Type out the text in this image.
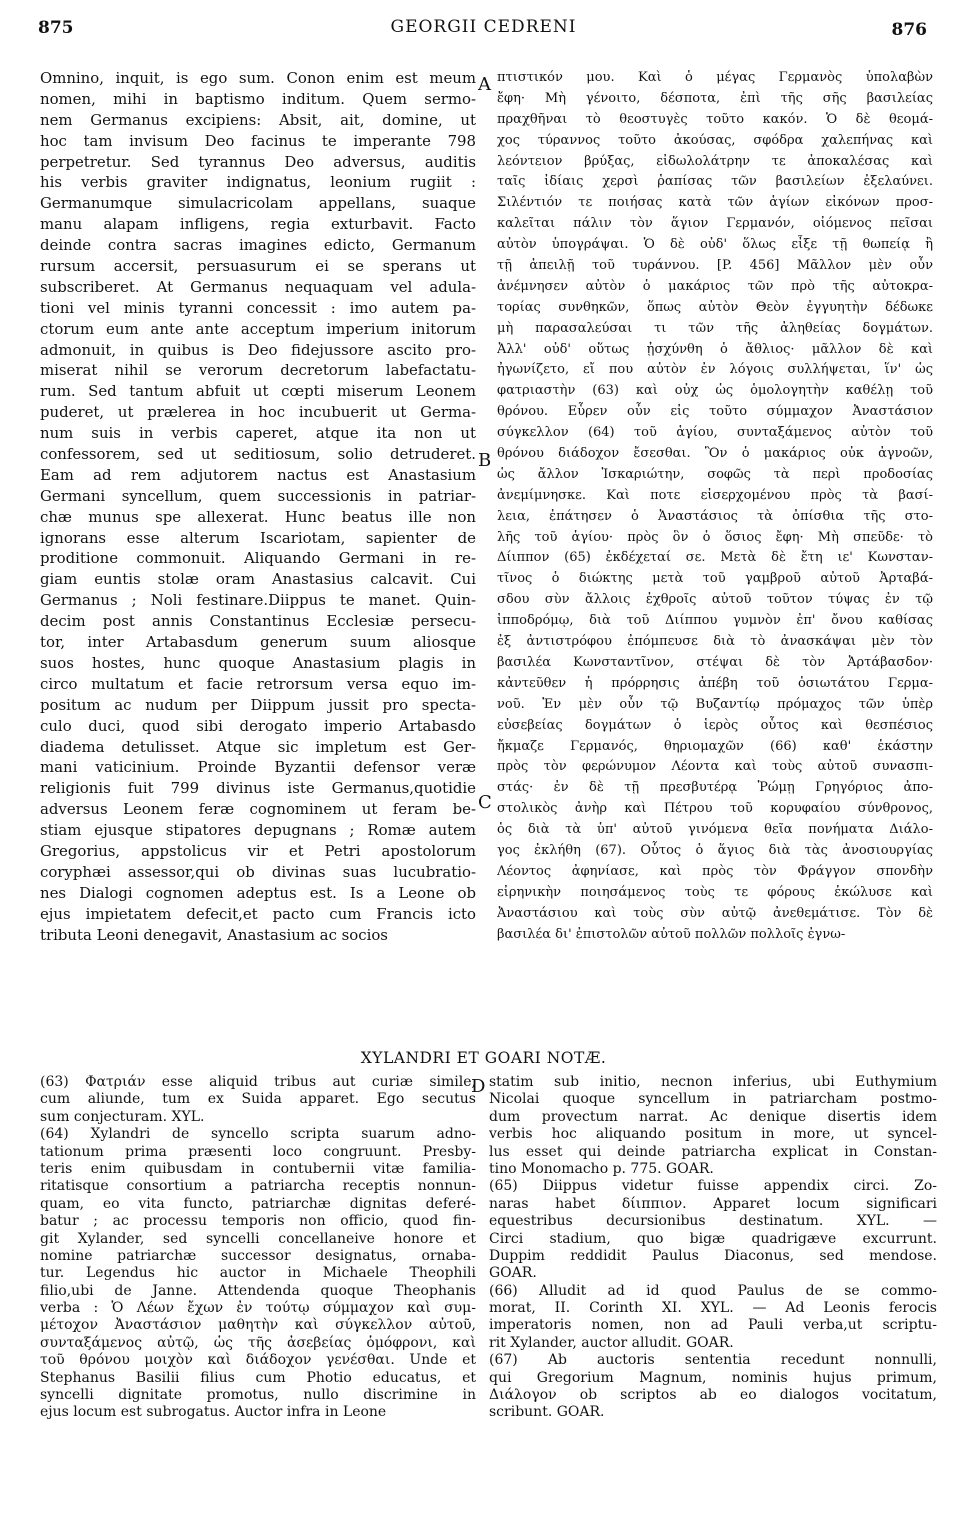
875	GEORGII CEDRENI	876
Omnino, inquit, is ego sum. Conon enim est meum
nomen, mihi in baptismo inditum. Quem sermo-
nem Germanus excipiens: Absit, ait, domine, ut
hoc tam invisum Deo facinus te imperante 798
perpetretur. Sed tyrannus Deo adversus, auditis
his verbis graviter indignatus, leonium rugiit :
Germanumque simulacricolam appellans, suaque
manu alapam infligens, regia exturbavit. Facto
deinde contra sacras imagines edicto, Germanum
rursum accersit, persuasurum ei se sperans ut
subscriberet. At Germanus nequaquam vel adula-
tioni vel minis tyranni concessit : imo autem pa-
ctorum eum ante ante acceptum imperium initorum
admonuit, in quibus is Deo fidejussore ascito pro-
miserat nihil se verorum decretorum labefactatu-
rum. Sed tantum abfuit ut cœpti miserum Leonem
puderet, ut prælerea in hoc incubuerit ut Germa-
num suis in verbis caperet, atque ita non ut
confessorem, sed ut seditiosum, solio detruderet.
Eam ad rem adjutorem nactus est Anastasium
Germani syncellum, quem successionis in patriar-
chæ munus spe allexerat. Hunc beatus ille non
ignorans esse alterum Iscariotam, sapienter de
proditione commonuit. Aliquando Germani in re-
giam euntis stolæ oram Anastasius calcavit. Cui
Germanus ; Noli festinare.Diippus te manet. Quin-
decim post annis Constantinus Ecclesiæ persecu-
tor, inter Artabasdum generum suum aliosque
suos hostes, hunc quoque Anastasium plagis in
circo multatum et facie retrorsum versa equo im-
positum ac nudum per Diippum jussit pro specta-
culo duci, quod sibi derogato imperio Artabasdo
diadema detulisset. Atque sic impletum est Ger-
mani vaticinium. Proinde Byzantii defensor veræ
religionis fuit 799 divinus iste Germanus,quotidie
adversus Leonem feræ cognominem ut feram be-
stiam ejusque stipatores depugnans ; Romæ autem
Gregorius, appstolicus vir et Petri apostolorum
coryphæi assessor,qui ob divinas suas lucubratio-
nes Dialogi cognomen adeptus est. Is a Leone ob
ejus impietatem defecit,et pacto cum Francis icto
tributa Leoni denegavit, Anastasium ac socios
πτιστικόν μου. Καὶ ὁ μέγας Γερμανὸς ὑπολαβὼν
ἔφη· Μὴ γένοιτο, δέσποτα, ἐπὶ τῆς σῆς βασιλείας
πραχθῆναι τὸ θεοστυγὲς τοῦτο κακόν. Ὁ δὲ θεομά-
χος τύραννος τοῦτο ἀκούσας, σφόδρα χαλεπήνας καὶ
λεόντειον βρύξας, εἰδωλολάτρην τε ἀποκαλέσας καὶ
ταῖς ἰδίαις χερσὶ ῥαπίσας τῶν βασιλείων ἐξελαύνει.
Σιλέντιόν τε ποιήσας κατὰ τῶν ἁγίων εἰκόνων προσ-
καλεῖται πάλιν τὸν ἅγιον Γερμανόν, οἰόμενος πεῖσαι
αὐτὸν ὑπογράψαι. Ὁ δὲ οὐδ' ὅλως εἶξε τῇ θωπείᾳ ἢ
τῇ ἀπειλῇ τοῦ τυράννου. [P. 456] Μᾶλλον μὲν οὖν
ἀνέμνησεν αὐτὸν ὁ μακάριος τῶν πρὸ τῆς αὐτοκρα-
τορίας συνθηκῶν, ὅπως αὐτὸν Θεὸν ἐγγυητὴν δέδωκε
μὴ παρασαλεύσαι τι τῶν τῆς ἀληθείας δογμάτων.
Ἀλλ' οὐδ' οὕτως ᾐσχύνθη ὁ ἄθλιος· μᾶλλον δὲ καὶ
ἠγωνίζετο, εἴ που αὐτὸν ἐν λόγοις συλλήψεται, ἵν' ὡς
φατριαστὴν (63) καὶ οὐχ ὡς ὁμολογητὴν καθέλῃ τοῦ
θρόνου. Εὗρεν οὖν εἰς τοῦτο σύμμαχον Ἀναστάσιον
σύγκελλον (64) τοῦ ἁγίου, συνταξάμενος αὐτὸν τοῦ
θρόνου διάδοχον ἔσεσθαι. Ὃν ὁ μακάριος οὐκ ἀγνοῶν,
ὡς ἄλλον Ἰσκαριώτην, σοφῶς τὰ περὶ προδοσίας
ἀνεμίμνησκε. Καὶ ποτε εἰσερχομένου πρὸς τὰ βασί-
λεια, ἐπάτησεν ὁ Ἀναστάσιος τὰ ὀπίσθια τῆς στο-
λῆς τοῦ ἁγίου· πρὸς ὃν ὁ ὅσιος ἔφη· Μὴ σπεῦδε· τὸ
Δίιππον (65) ἐκδέχεταί σε. Μετὰ δὲ ἔτη ιε' Κωνσταν-
τῖνος ὁ διώκτης μετὰ τοῦ γαμβροῦ αὐτοῦ Ἀρταβά-
σδου σὺν ἄλλοις ἐχθροῖς αὐτοῦ τοῦτον τύψας ἐν τῷ
ἱπποδρόμῳ, διὰ τοῦ Διίππου γυμνὸν ἐπ' ὄνου καθίσας
ἐξ ἀντιστρόφου ἐπόμπευσε διὰ τὸ ἀνασκάψαι μὲν τὸν
βασιλέα Κωνσταντῖνον, στέψαι δὲ τὸν Ἀρτάβασδον·
κἀντεῦθεν ἡ πρόρρησις ἀπέβη τοῦ ὁσιωτάτου Γερμα-
νοῦ. Ἐν μὲν οὖν τῷ Βυζαντίῳ πρόμαχος τῶν ὑπὲρ
εὐσεβείας δογμάτων ὁ ἱερὸς οὗτος καὶ θεσπέσιος
ἤκμαζε Γερμανός, θηριομαχῶν (66) καθ' ἑκάστην
πρὸς τὸν φερώνυμον Λέοντα καὶ τοὺς αὐτοῦ συνασπι-
στάς· ἐν δὲ τῇ πρεσβυτέρᾳ Ῥώμῃ Γρηγόριος ἀπο-
στολικὸς ἀνὴρ καὶ Πέτρου τοῦ κορυφαίου σύνθρονος,
ὁς διὰ τὰ ὑπ' αὐτοῦ γινόμενα θεῖα πονήματα Διάλο-
γος ἐκλήθη (67). Οὗτος ὁ ἅγιος διὰ τὰς ἀνοσιουργίας
Λέοντος ἀφηνίασε, καὶ πρὸς τὸν Φράγγον σπονδὴν
εἰρηνικὴν ποιησάμενος τοὺς τε φόρους ἐκώλυσε καὶ
Ἀναστάσιου καὶ τοὺς σὺν αὐτῷ ἀνεθεμάτισε. Τὸν δὲ
βασιλέα δι' ἐπιστολῶν αὐτοῦ πολλῶν πολλοῖς ἐγνω-
A
B
C
D
XYLANDRI ET GOARI NOTÆ.
(63) Φατριάν esse aliquid tribus aut curiæ simile,
cum aliunde, tum ex Suida apparet. Ego secutus
sum conjecturam. XYL.
(64) Xylandri de syncello scripta suarum adno-
tationum prima præsenti loco congruunt. Presby-
teris enim quibusdam in contubernii vitæ familia-
ritatisque consortium a patriarcha receptis nonnun-
quam, eo vita functo, patriarchæ dignitas deferé-
batur ; ac processu temporis non officio, quod fin-
git Xylander, sed syncelli concellaneive honore et
nomine patriarchæ successor designatus, ornaba-
tur. Legendus hic auctor in Michaele Theophili
filio,ubi de Janne. Attendenda quoque Theophanis
verba : Ὁ Λέων ἔχων ἐν τούτῳ σύμμαχον καὶ συμ-
μέτοχον Ἀναστάσιον μαθητὴν καὶ σύγκελλον αὐτοῦ,
συνταξάμενος αὐτῷ, ὡς τῆς ἀσεβείας ὁμόφρονι, καὶ
τοῦ θρόνου μοιχὸν καὶ διάδοχον γενέσθαι. Unde et
Stephanus Basilii filius cum Photio educatus, et
syncelli dignitate promotus, nullo discrimine in
ejus locum est subrogatus. Auctor infra in Leone
statim sub initio, necnon inferius, ubi Euthymium
Nicolai quoque syncellum in patriarcham postmo-
dum provectum narrat. Ac denique disertis idem
verbis hoc aliquando positum in more, ut syncel-
lus esset qui deinde patriarcha explicat in Constan-
tino Monomacho p. 775. GOAR.
(65) Diippus videtur fuisse appendix circi. Zo-
naras habet δίιππιον. Apparet locum significari
equestribus decursionibus destinatum. XYL. —
Circi stadium, quo bigæ quadrigæve excurrunt.
Duppim reddidit Paulus Diaconus, sed mendose.
GOAR.
(66) Alludit ad id quod Paulus de se commo-
morat, II. Corinth XI. XYL. — Ad Leonis ferocis
imperatoris nomen, non ad Pauli verba,ut scriptu-
rit Xylander, auctor alludit. GOAR.
(67) Ab auctoris sententia recedunt nonnulli,
qui Gregorium Magnum, nominis hujus primum,
Διάλογον ob scriptos ab eo dialogos vocitatum,
scribunt. GOAR.
